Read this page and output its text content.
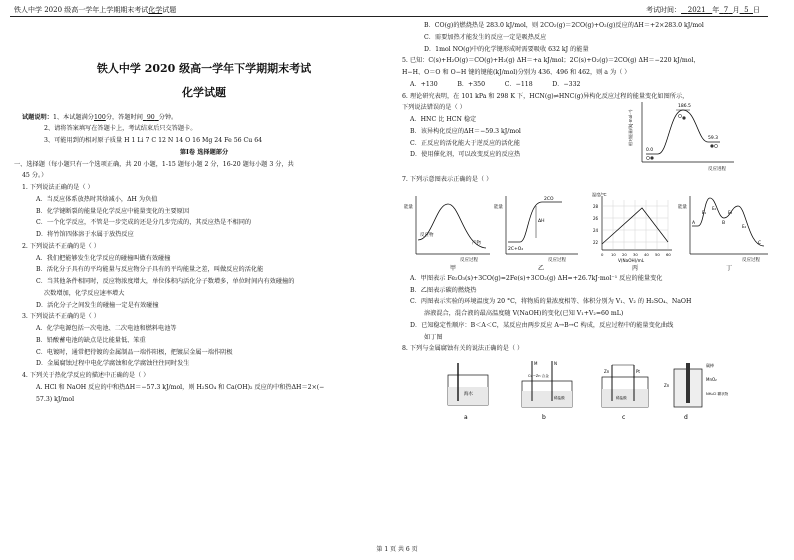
铁人中学 2020 级高一学年上学期期末考试化学试题	考试时间： 2021 年 7 月 5 日
铁人中学 2020 级高一学年下学期期末考试
化学试题
试题说明：1、本试题满分100分，答题时间 90 分钟。
2、请将答案填写在答题卡上，考试结束后只交答题卡。
3、可能用到的相对原子质量 H 1 Li 7 C 12 N 14 O 16 Mg 24 Fe 56 Cu 64
第Ⅰ卷 选择题部分
一、选择题（每小题只有一个选项正确，共 20 小题，1-15 题每小题 2 分，16-20 题每小题 3 分，共
45 分。）
1. 下列说法正确的是（ ）
A．当反应体系放热时其焓减小，ΔH 为负值
B．化学键断裂的能量是化学反应中能量变化的主要原因
C．一个化学反应，不管是一步完成的还是分几步完成的，其反应热是不相同的
D．将竹馆四体溶于水属于放热反应
2. 下列说法不正确的是（ ）
A．我们把能够发生化学反应的碰撞叫做有效碰撞
B．活化分子具有的平均能量与反应物分子具有的平均能量之差，叫做反应的活化能
C．当其他条件相同时，反应物浓度增大，单位体积内活化分子数增多，单位时间内有效碰撞的
次数增加，化学反应速率增大
D．活化分子之间发生的碰撞一定是有效碰撞
3. 下列说法不正确的是（ ）
A．化学电源包括一次电池、二次电池和燃料电池等
B．铅酸蓄电池的缺点是比能量低、笨重
C．电镀时，通常把待镀的金属制品一端作阳极，把镀层金属一端作阴极
D．金属腐蚀过程中电化学腐蚀和化学腐蚀往往同时发生
4. 下列关于热化学反应的描述中正确的是（ ）
A. HCl 和 NaOH 反应的中和热ΔH＝−57.3 kJ/mol，则 H₂SO₄ 和 Ca(OH)₂ 反应的中和热ΔH＝2×(−
57.3) kJ/mol
B．CO(g)的燃烧热是 283.0 kJ/mol，则 2CO₂(g)＝2CO(g)+O₂(g)反应的ΔH＝+2×283.0 kJ/mol
C．需要加热才能发生的反应一定是吸热反应
D．1mol NO(g)中的化学键形成时需要吸收 632 kJ 的能量
5. 已知：C(s)+H₂O(g)＝CO(g)+H₂(g) ΔH＝+a kJ/mol；2C(s)+O₂(g)＝2CO(g) ΔH＝−220 kJ/mol，
H−H、O＝O 和 O−H 键的键能(kJ/mol)分别为 436、496 和 462，则 a 为（ ）
A．+130          B．+350          C．−118          D．−332
6. 理论研究表明，在 101 kPa 和 298 K 下，HCN(g)⇌HNC(g)异构化反应过程的能量变化如图所示，
下列说法错误的是（ ）
A．HNC 比 HCN 稳定
B．该异构化反应的ΔH＝−59.3 kJ/mol
C．正反应的活化能大于逆反应的活化能
D．使用催化剂，可以改变反应的反应热
相对能量/(kJ·mol⁻¹)
反应进程
186.5
59.3
0.0
7. 下列示意图表示正确的是（ ）
能量
反应物
产物
反应过程
甲
能量
2CO
ΔH
2C+O₂
反应过程
乙
温度/℃
28
26
24
22
0 10 20 30 40 50 60
V(NaOH)/mL
丙
能量
A	B
C
E₁
E₂
E₃
E₄
反应过程
丁
A．甲图表示 Fe₂O₃(s)+3CO(g)=2Fe(s)+3CO₂(g) ΔH=+26.7kJ·mol⁻¹ 反应的能量变化
B．乙图表示碳的燃烧热
C．丙图表示实验的环境温度为 20 °C，将物质的量浓度相等、体积分别为 V₁、V₂ 的 H₂SO₄、NaOH
溶液混合，混合液的最高温度随 V(NaOH)的变化(已知 V₁+V₂=60 mL)
D．已知稳定性顺序：B＜A＜C，某反应由两步反应 A→B→C 构成，反应过程中的能量变化曲线
如丁图
8. 下列与金属腐蚀有关的说法正确的是（ ）
海水
a
M	N
Cu−Zn 合金
稀盐酸
b
Zn	Pt
稀盐酸
c
碳棒
MnO₂
Zn
NH₄Cl 糊状物
d
第 1 页 共 6 页
